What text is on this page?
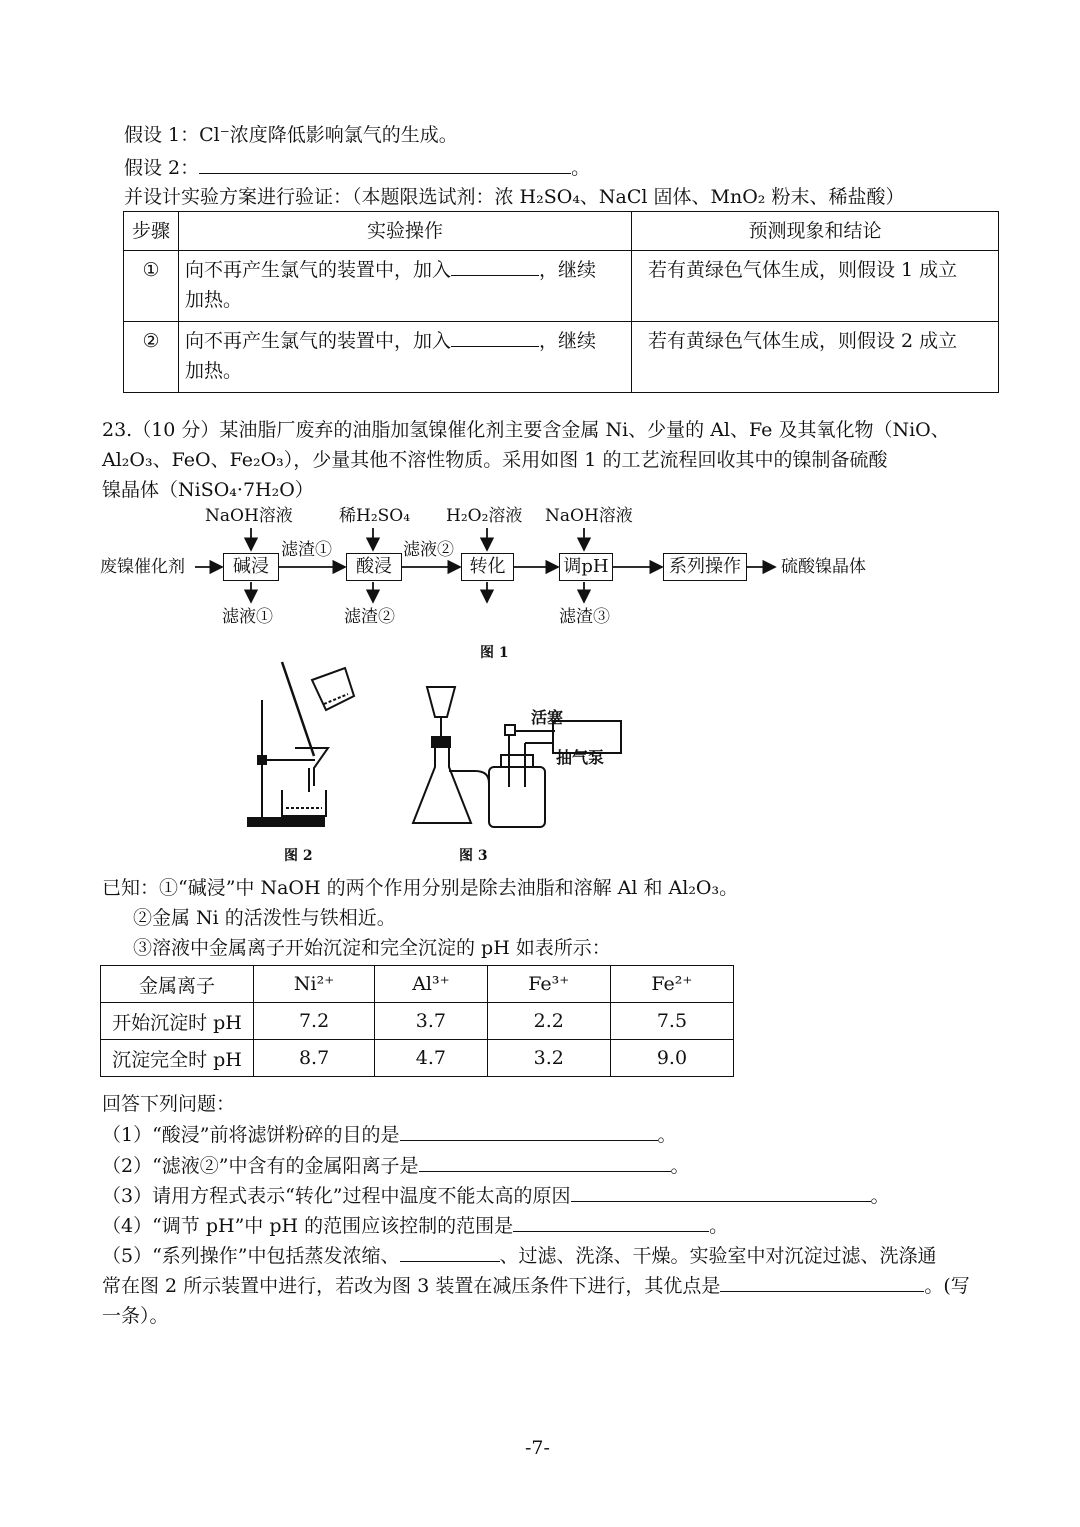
假设 1：Cl⁻浓度降低影响氯气的生成。
假设 2：	。
并设计实验方案进行验证：（本题限选试剂：浓 H₂SO₄、NaCl 固体、MnO₂ 粉末、稀盐酸）
步骤	实验操作	预测现象和结论
①	向不再产生氯气的装置中，加入 ，继续
加热。	若有黄绿色气体生成，则假设 1 成立
②	向不再产生氯气的装置中，加入 ，继续
加热。	若有黄绿色气体生成，则假设 2 成立
23.（10 分）某油脂厂废弃的油脂加氢镍催化剂主要含金属 Ni、少量的 Al、Fe 及其氧化物（NiO、
Al₂O₃、FeO、Fe₂O₃），少量其他不溶性物质。采用如图 1 的工艺流程回收其中的镍制备硫酸
镍晶体（NiSO₄·7H₂O）
废镍催化剂	碱浸	酸浸	转化	调pH	系列操作	硫酸镍晶体
NaOH溶液	稀H₂SO₄ H₂O₂溶液 NaOH溶液
滤渣①	滤液②
滤液①	滤渣②	滤渣③
图 1
图 2
活塞
抽气泵
图 3
已知：①“碱浸”中 NaOH 的两个作用分别是除去油脂和溶解 Al 和 Al₂O₃。
②金属 Ni 的活泼性与铁相近。
③溶液中金属离子开始沉淀和完全沉淀的 pH 如表所示：
金属离子	Ni²⁺	Al³⁺	Fe³⁺	Fe²⁺
开始沉淀时 pH	7.2	3.7	2.2	7.5
沉淀完全时 pH	8.7	4.7	3.2	9.0
回答下列问题：
（1）“酸浸”前将滤饼粉碎的目的是	。
（2）“滤液②”中含有的金属阳离子是	。
（3）请用方程式表示“转化”过程中温度不能太高的原因	。
（4）“调节 pH”中 pH 的范围应该控制的范围是	。
（5）“系列操作”中包括蒸发浓缩、	、过滤、洗涤、干燥。实验室中对沉淀过滤、洗涤通
常在图 2 所示装置中进行，若改为图 3 装置在减压条件下进行，其优点是	。(写
一条）。
-7-
